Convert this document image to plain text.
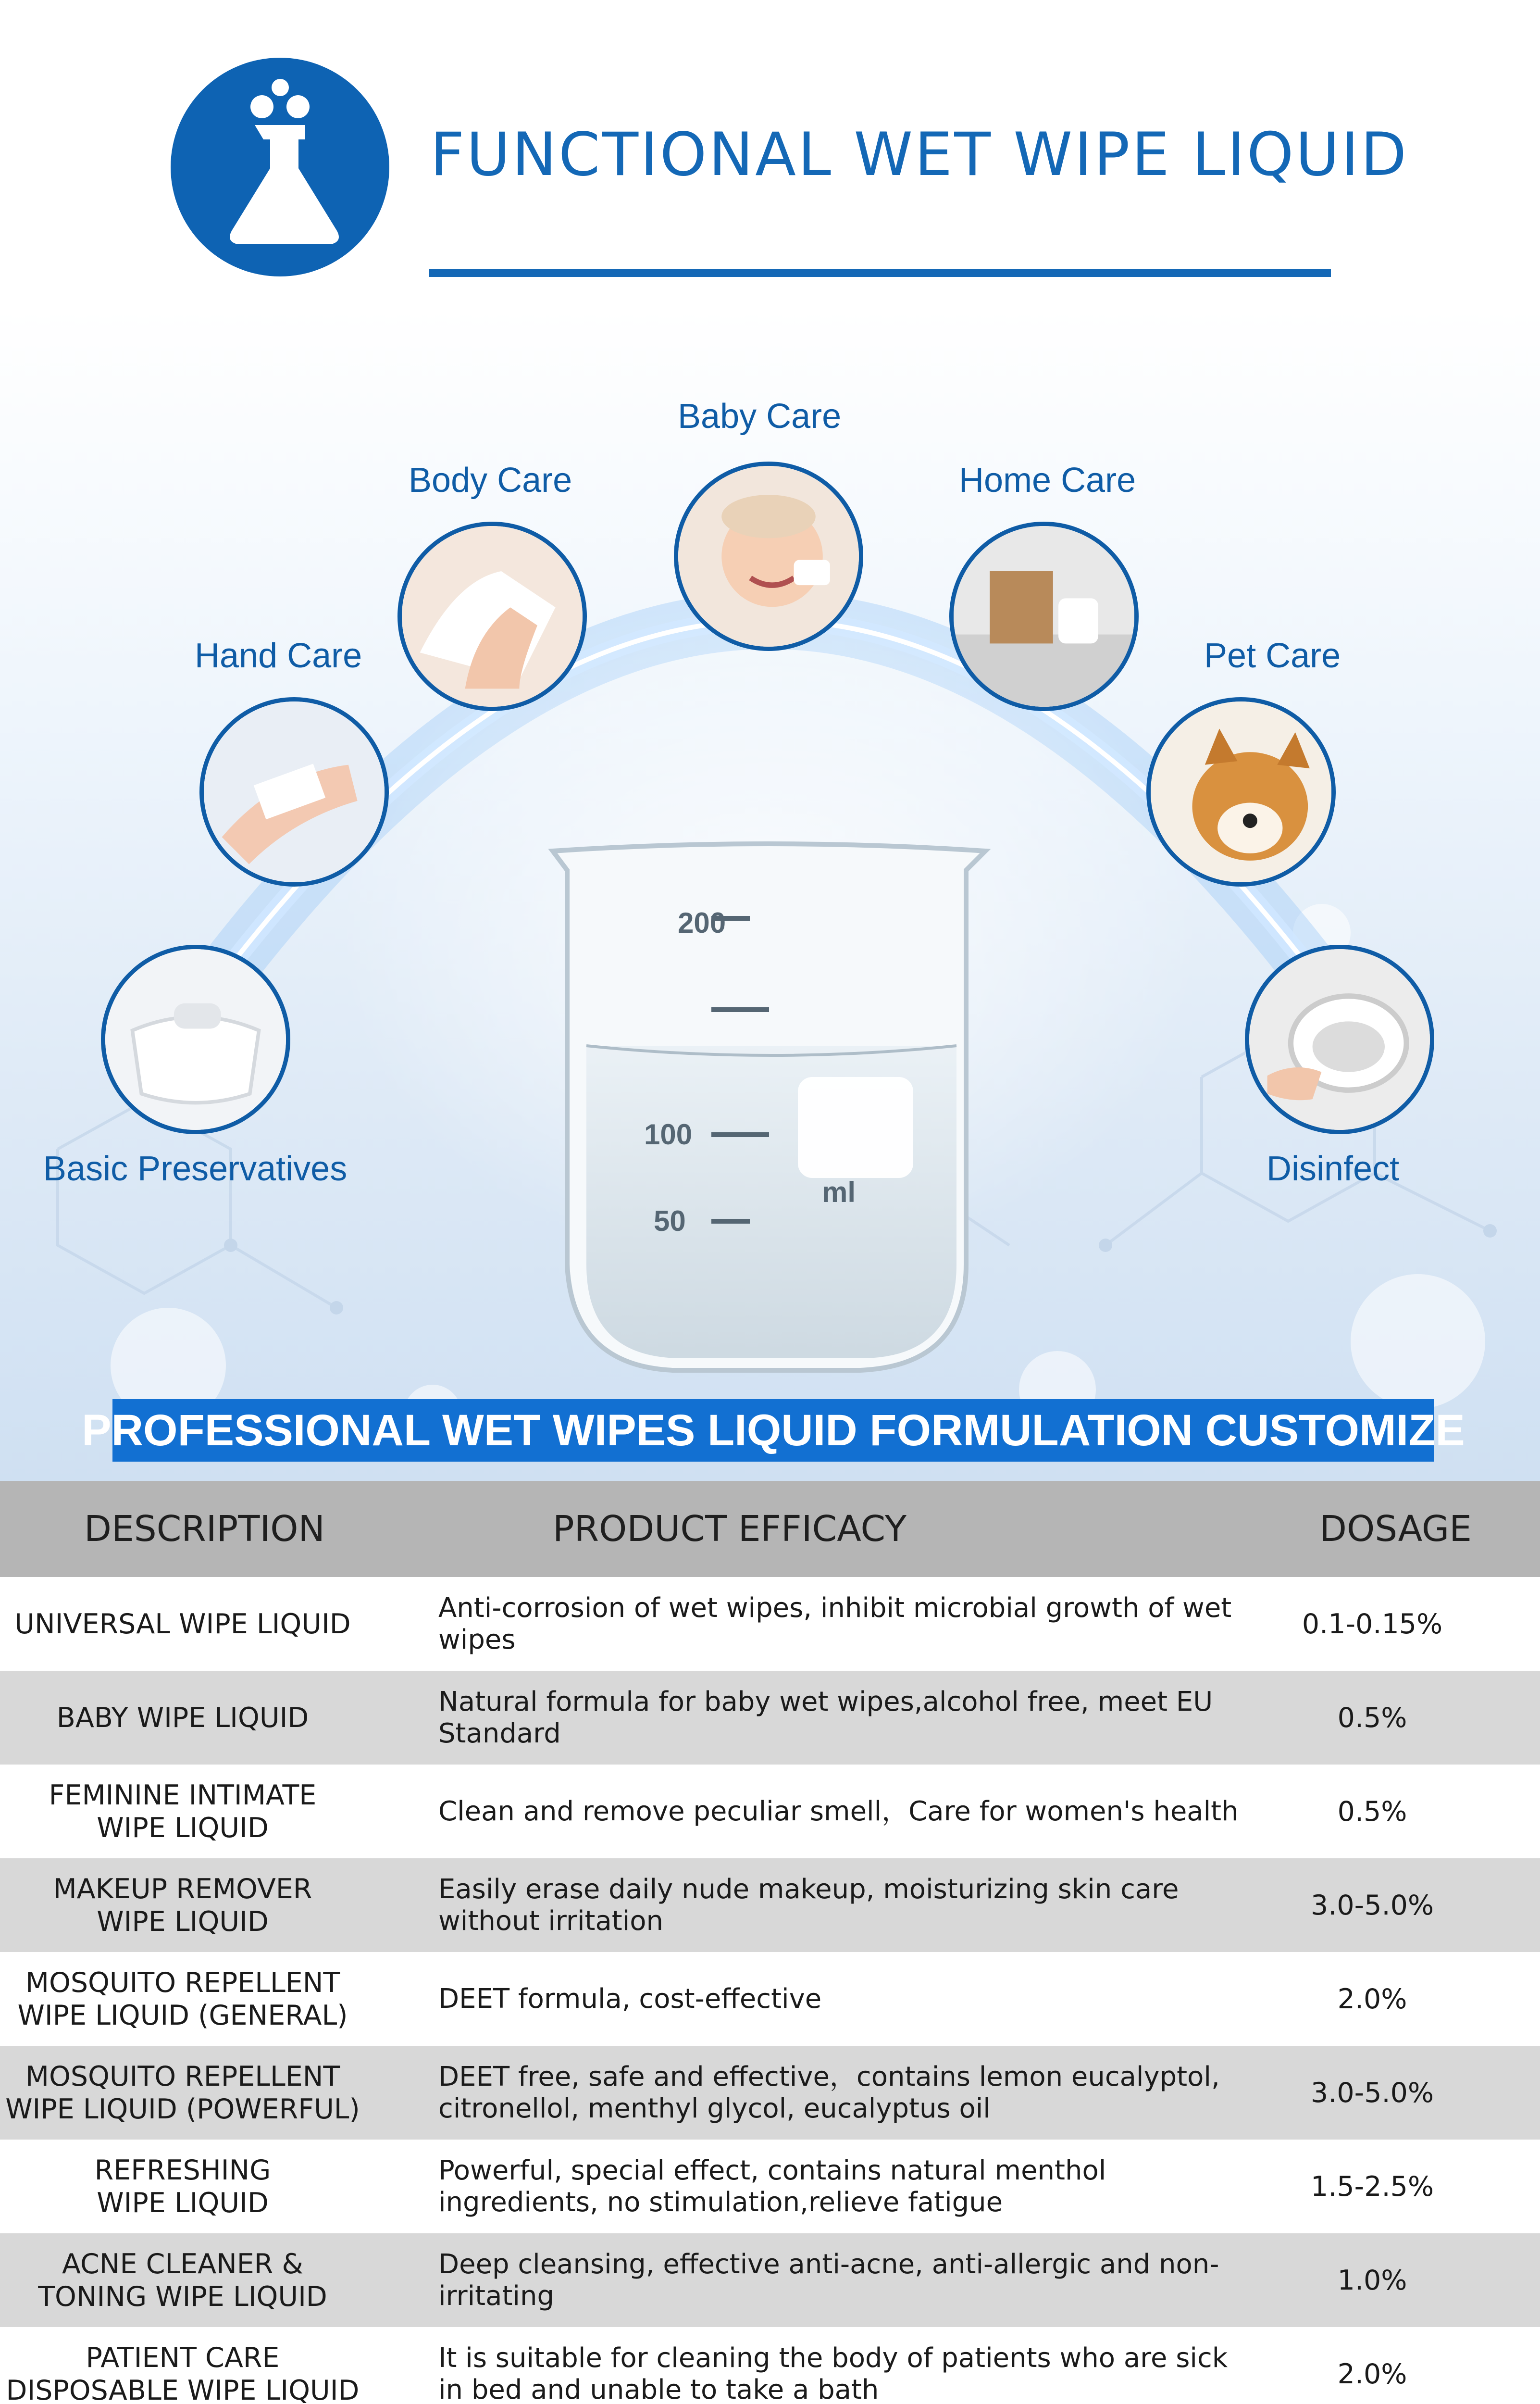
FUNCTIONAL WET WIPE LIQUID
200
100
50
ml
Baby Care
Body Care	Home Care
Hand Care	Pet Care
Basic Preservatives	Disinfect
PROFESSIONAL WET WIPES LIQUID FORMULATION CUSTOMIZE
DESCRIPTION	PRODUCT EFFICACY	DOSAGE
UNIVERSAL WIPE LIQUID
Anti-corrosion of wet wipes, inhibit microbial growth of wet wipes	0.1-0.15%
BABY WIPE LIQUID
Natural formula for baby wet wipes,alcohol free, meet EU Standard	0.5%
FEMININE INTIMATE
WIPE LIQUID
Clean and remove peculiar smell，Care for women's health	0.5%
MAKEUP REMOVER
WIPE LIQUID
Easily erase daily nude makeup, moisturizing skin care without irritation	3.0-5.0%
MOSQUITO REPELLENT
WIPE LIQUID (GENERAL)
DEET formula, cost-effective	2.0%
MOSQUITO REPELLENT
WIPE LIQUID (POWERFUL)
DEET free, safe and effective，contains lemon eucalyptol, citronellol, menthyl glycol, eucalyptus oil	3.0-5.0%
REFRESHING
WIPE LIQUID
Powerful, special effect, contains natural menthol ingredients, no stimulation,relieve fatigue	1.5-2.5%
ACNE CLEANER &
TONING WIPE LIQUID
Deep cleansing, effective anti-acne, anti-allergic and non-irritating	1.0%
PATIENT CARE
DISPOSABLE WIPE LIQUID
It is suitable for cleaning the body of patients who are sick in bed and unable to take a bath	2.0%
